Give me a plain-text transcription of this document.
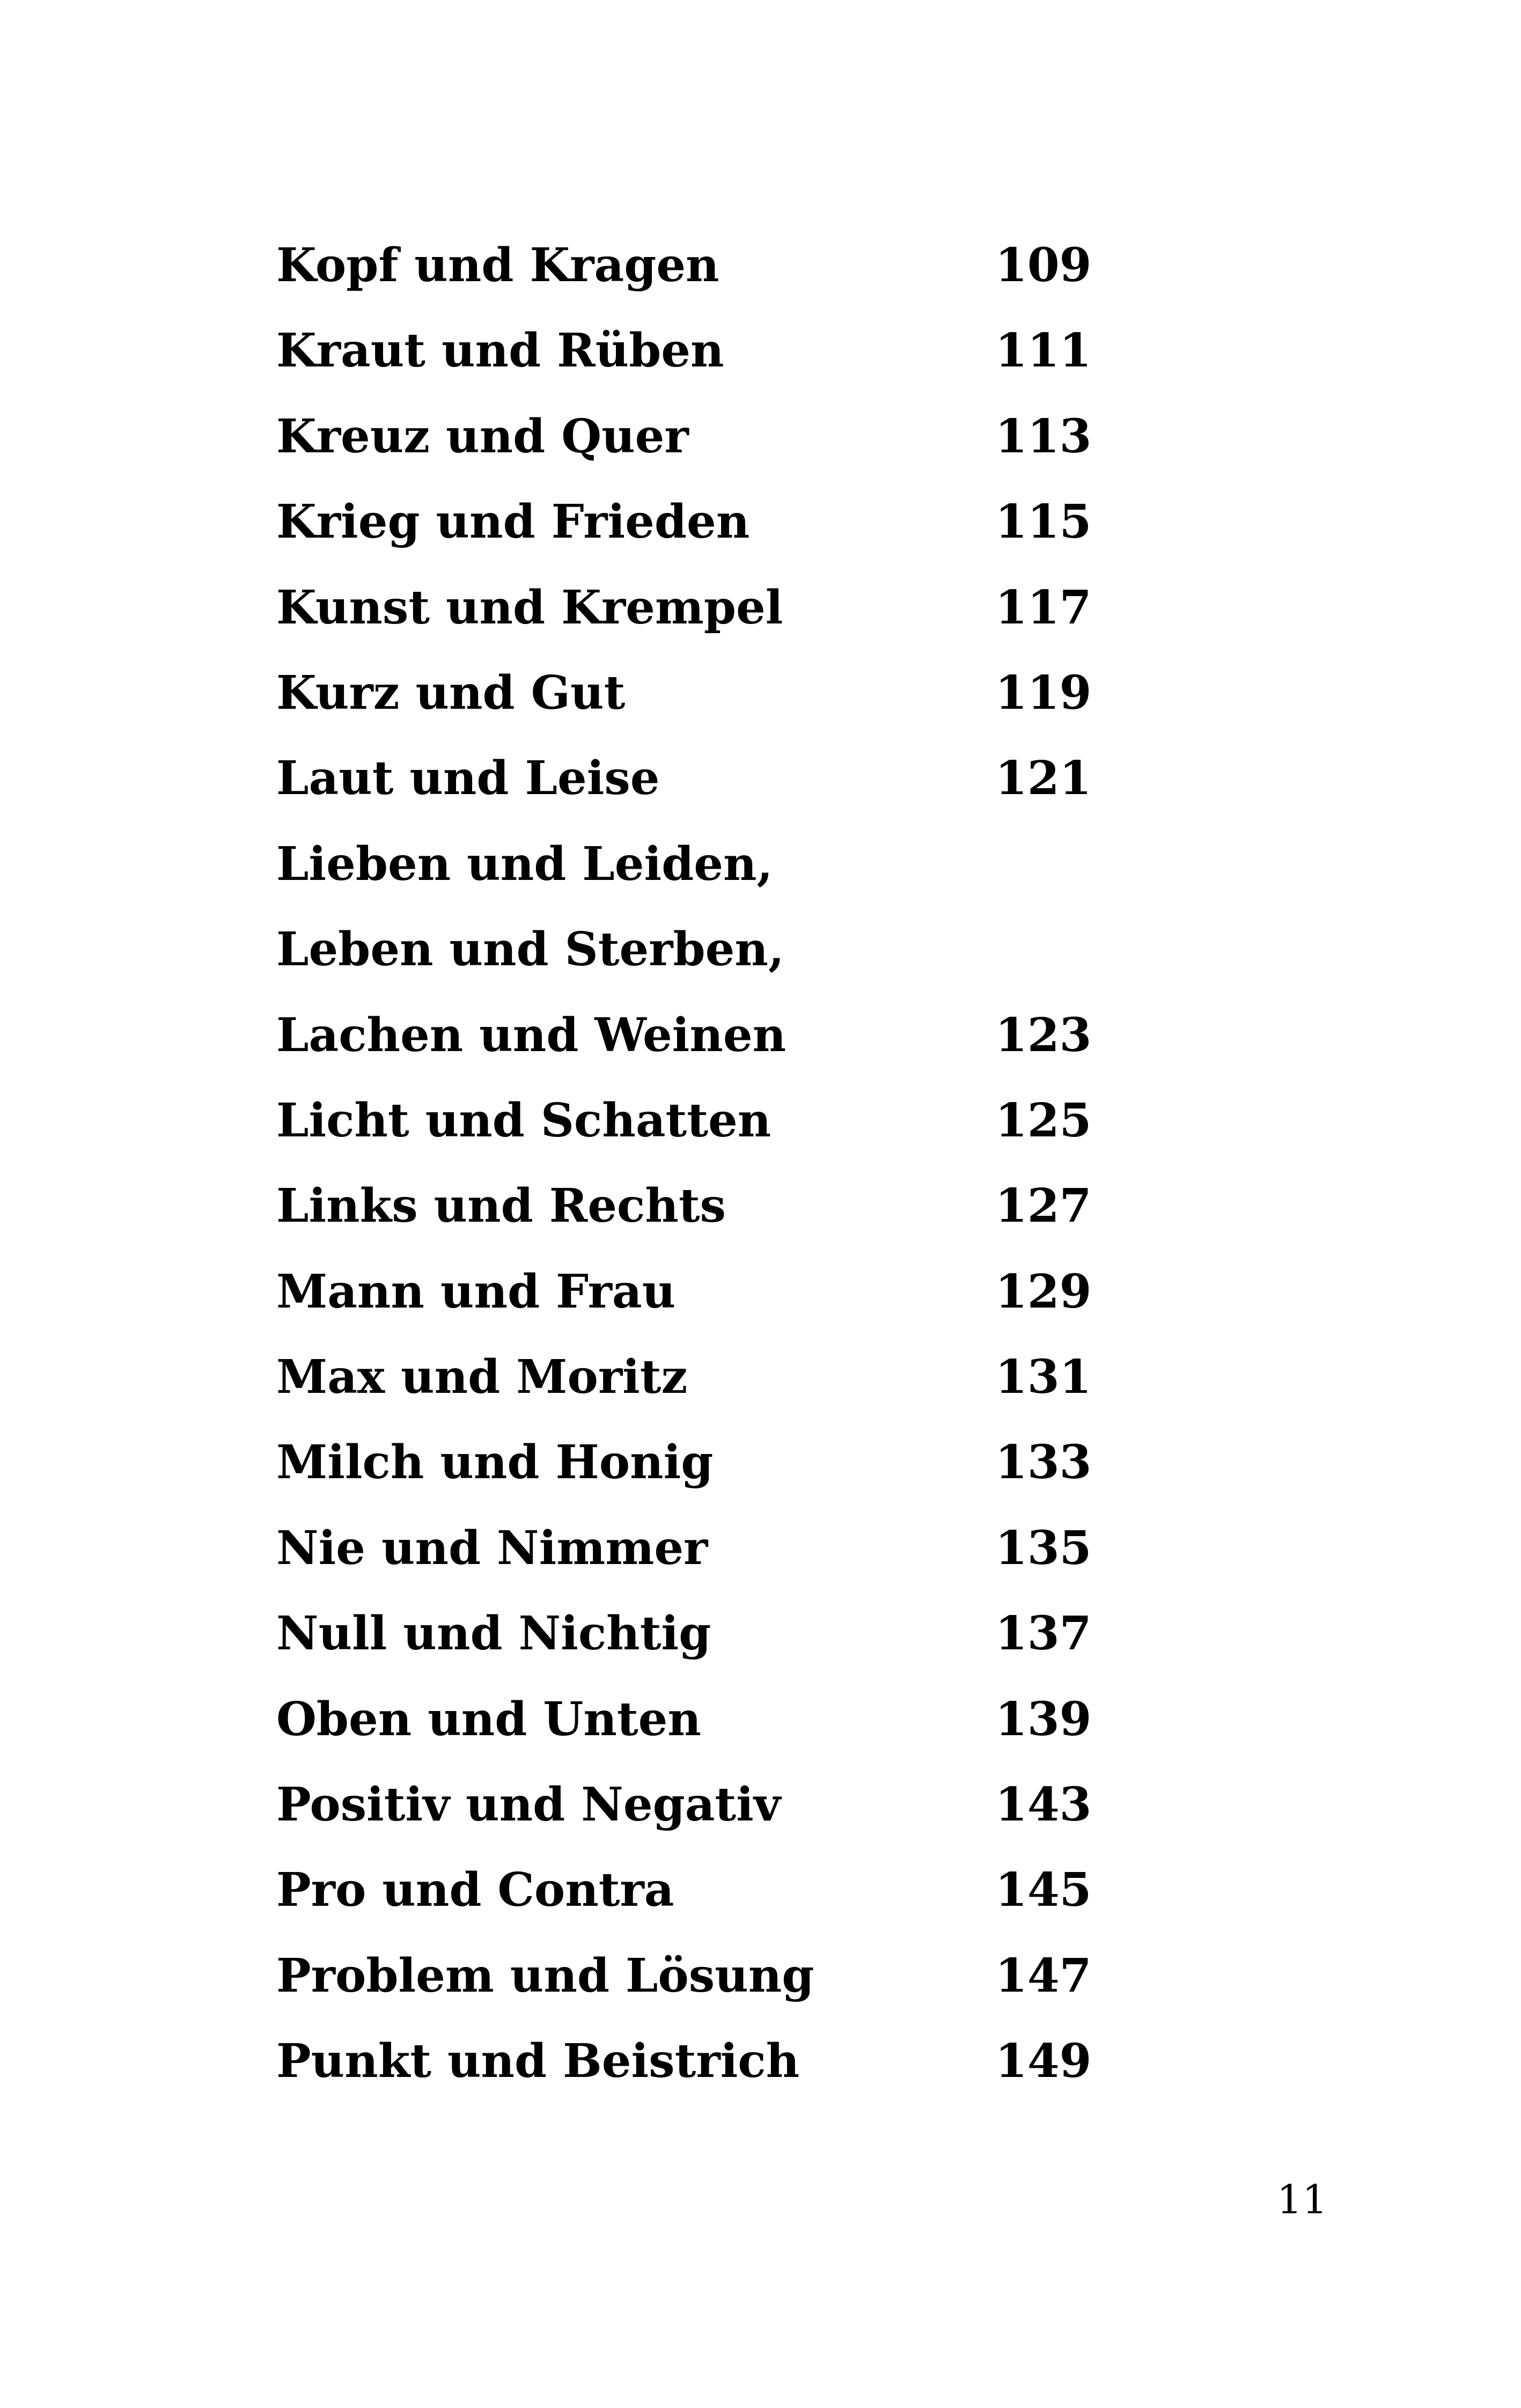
Kopf und Kragen	109
Kraut und Rüben	111
Kreuz und Quer	113
Krieg und Frieden	115
Kunst und Krempel	117
Kurz und Gut	119
Laut und Leise	121
Lieben und Leiden,
Leben und Sterben,
Lachen und Weinen	123
Licht und Schatten	125
Links und Rechts	127
Mann und Frau	129
Max und Moritz	131
Milch und Honig	133
Nie und Nimmer	135
Null und Nichtig	137
Oben und Unten	139
Positiv und Negativ	143
Pro und Contra	145
Problem und Lösung	147
Punkt und Beistrich	149
11
